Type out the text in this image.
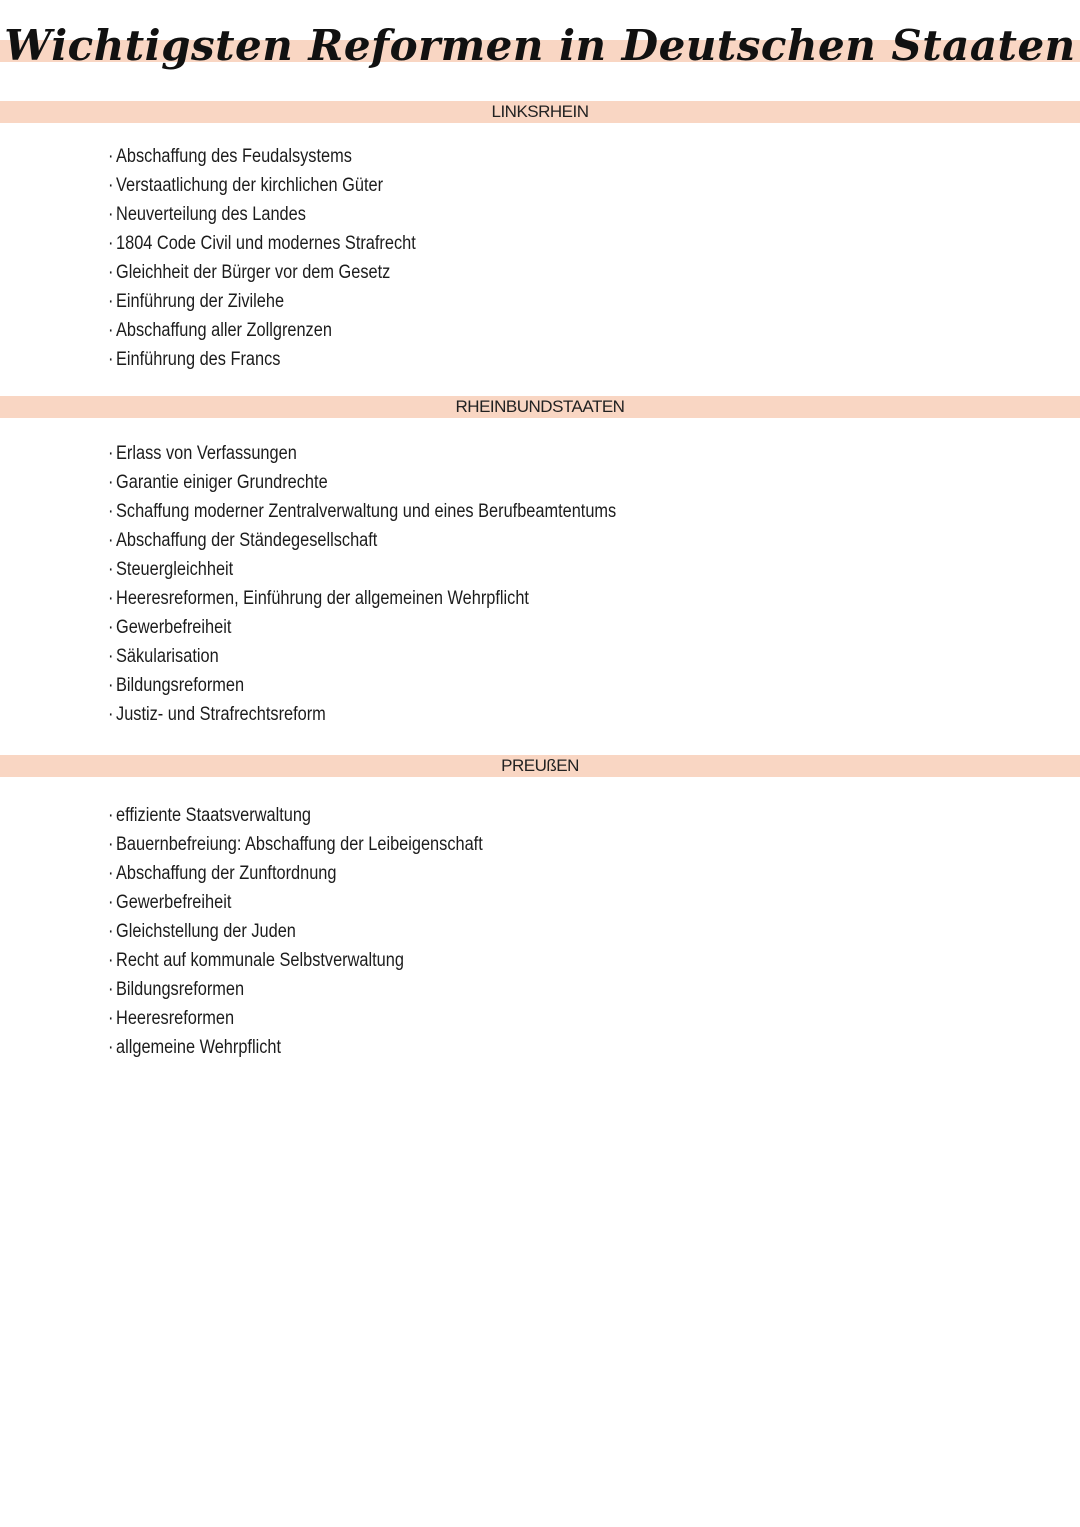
Wichtigsten Reformen in Deutschen Staaten
LINKSRHEIN
· Abschaffung des Feudalsystems
· Verstaatlichung der kirchlichen Güter
· Neuverteilung des Landes
· 1804 Code Civil und modernes Strafrecht
· Gleichheit der Bürger vor dem Gesetz
· Einführung der Zivilehe
· Abschaffung aller Zollgrenzen
· Einführung des Francs
RHEINBUNDSTAATEN
· Erlass von Verfassungen
· Garantie einiger Grundrechte
· Schaffung moderner Zentralverwaltung und eines Berufbeamtentums
· Abschaffung der Ständegesellschaft
· Steuergleichheit
· Heeresreformen, Einführung der allgemeinen Wehrpflicht
· Gewerbefreiheit
· Säkularisation
· Bildungsreformen
· Justiz- und Strafrechtsreform
PREUßEN
· effiziente Staatsverwaltung
· Bauernbefreiung: Abschaffung der Leibeigenschaft
· Abschaffung der Zunftordnung
· Gewerbefreiheit
· Gleichstellung der Juden
· Recht auf kommunale Selbstverwaltung
· Bildungsreformen
· Heeresreformen
· allgemeine Wehrpflicht
